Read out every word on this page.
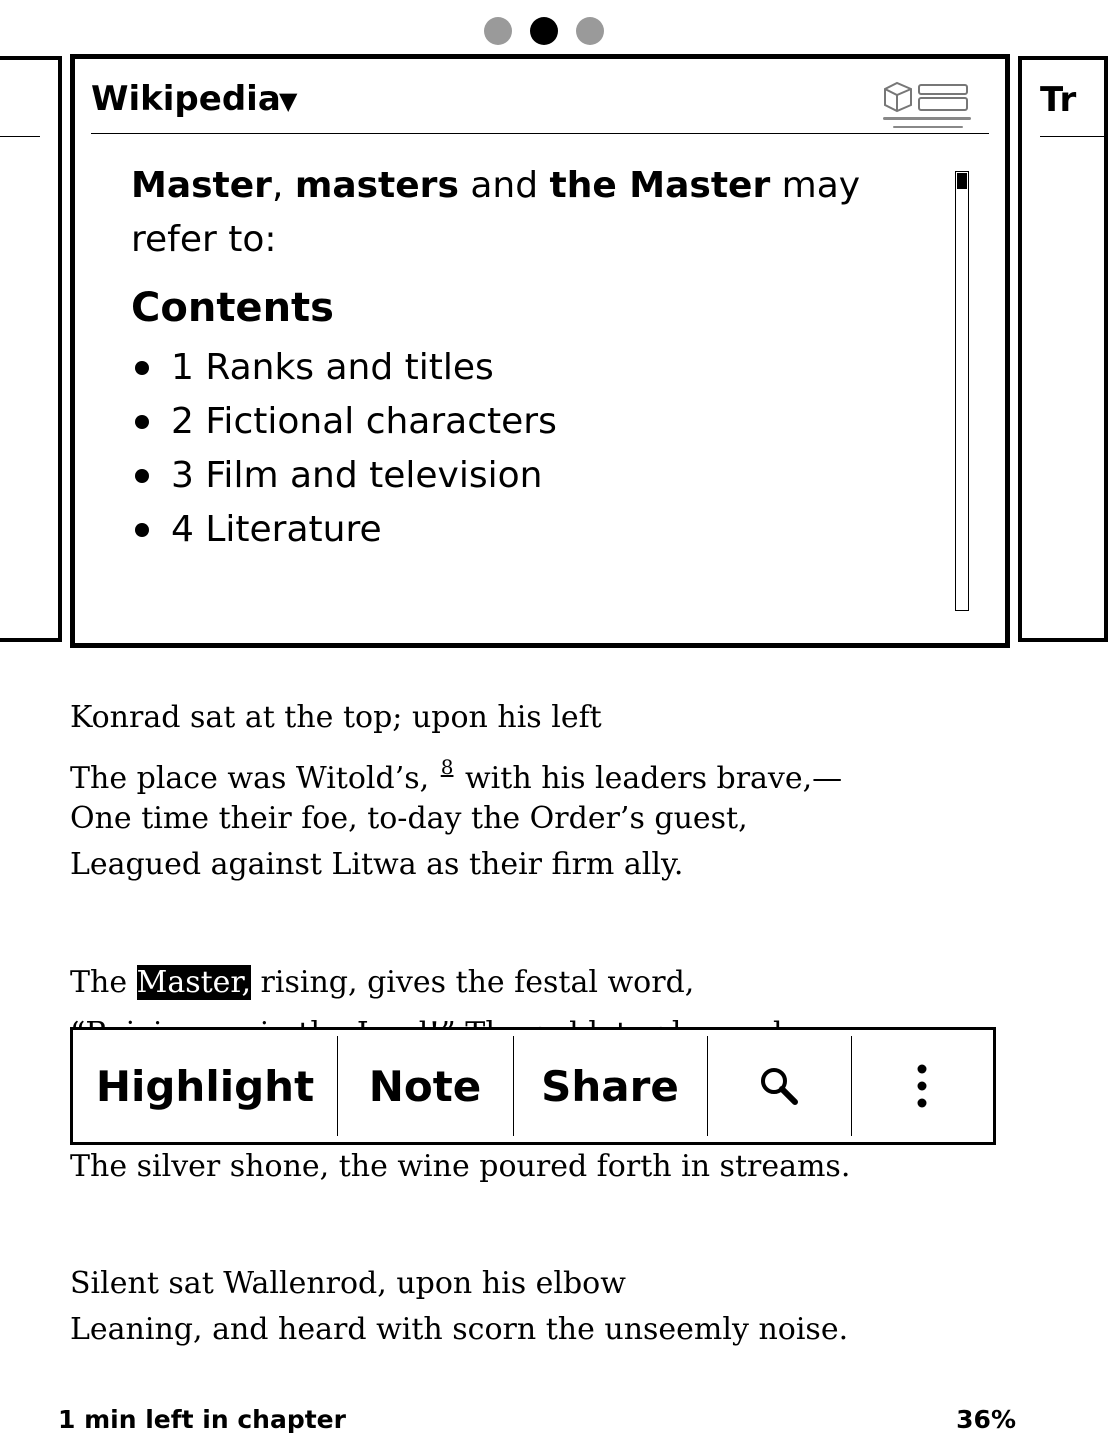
Tr
Wikipedia
▼

Master, masters and the Master may refer to:

Contents
1 Ranks and titles
2 Fictional characters
3 Film and television
4 Literature
Konrad sat at the top; upon his left
The place was Witold’s, $^8$ with his leaders brave,—
One time their foe, to-day the Order’s guest,
Leagued against Litwa as their firm ally.
The Master, rising, gives the festal word,
The silver shone, the wine poured forth in streams.
Silent sat Wallenrod, upon his elbow
Leaning, and heard with scorn the unseemly noise.
Highlight	Note	Share
1 min left in chapter	36%
